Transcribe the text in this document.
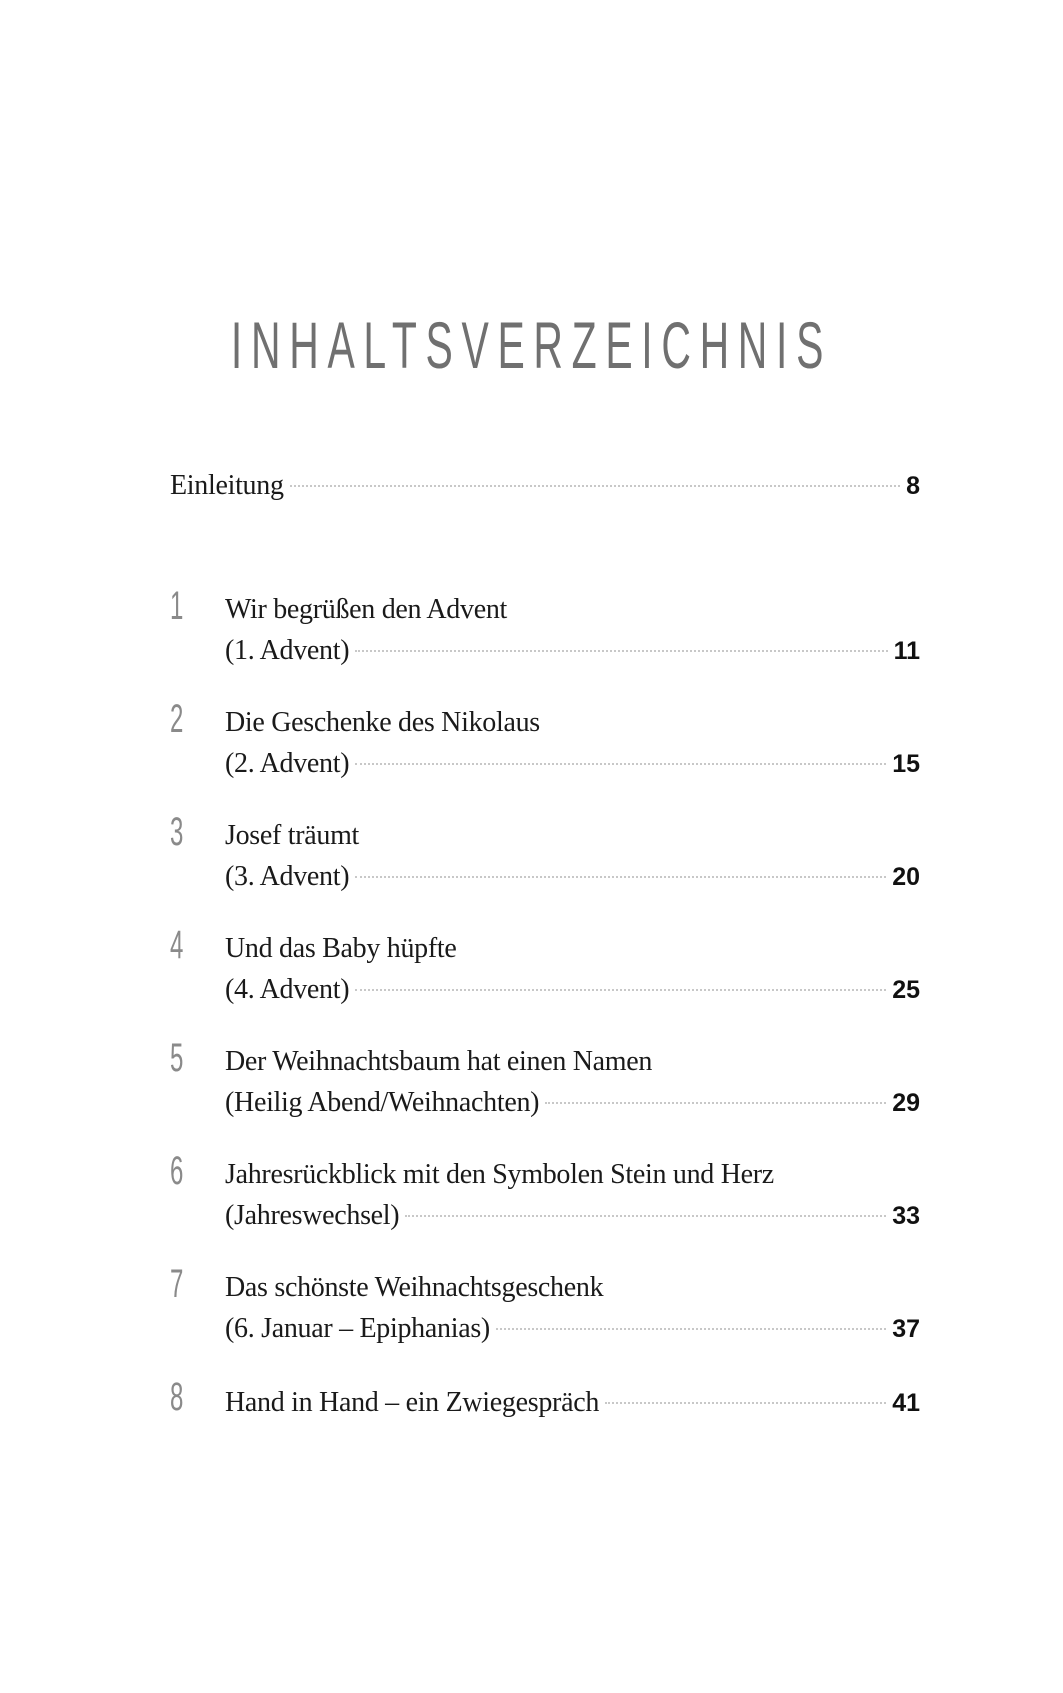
INHALTSVERZEICHNIS
Einleitung	8
1 Wir begrüßen den Advent
(1. Advent)	11
2 Die Geschenke des Nikolaus
(2. Advent)	15
3 Josef träumt
(3. Advent)	20
4 Und das Baby hüpfte
(4. Advent)	25
5 Der Weihnachtsbaum hat einen Namen
(Heilig Abend/Weihnachten)	29
6 Jahresrückblick mit den Symbolen Stein und Herz
(Jahreswechsel)	33
7 Das schönste Weihnachtsgeschenk
(6. Januar – Epiphanias)	37
8 Hand in Hand – ein Zwiegespräch	41
